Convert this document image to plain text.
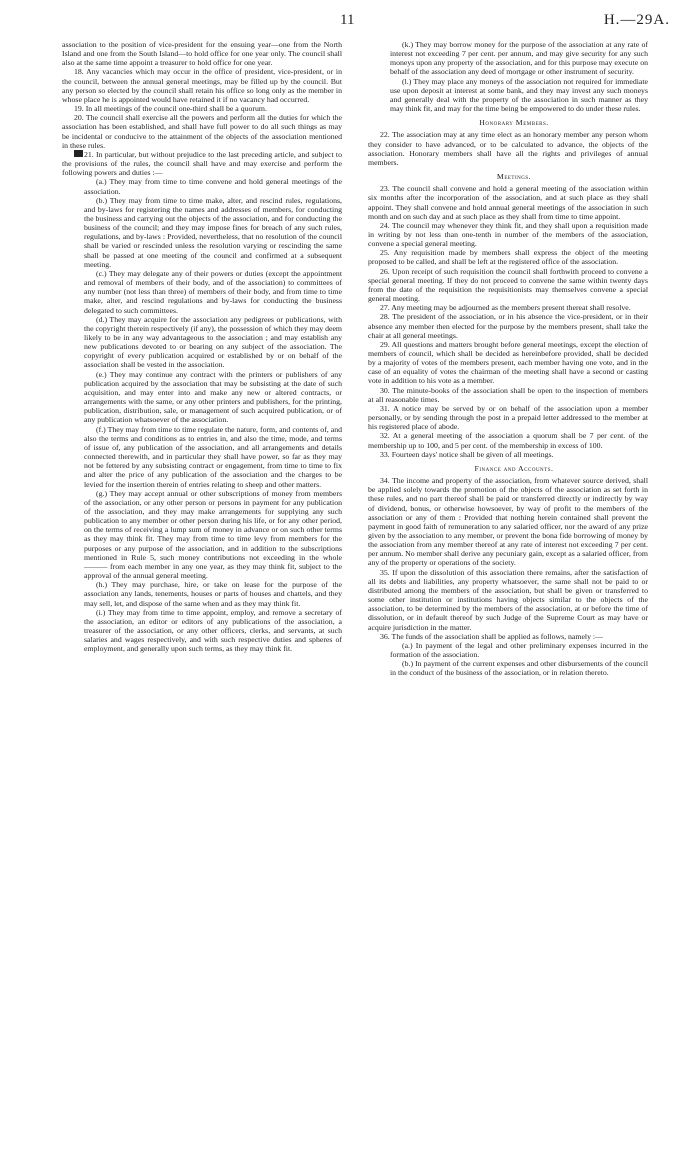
11	H.—29A.

association to the position of vice-president for the ensuing year—one from the North Island and one from the South Island—to hold office for one year only. The council shall also at the same time appoint a treasurer to hold office for one year.

18. Any vacancies which may occur in the office of president, vice-president, or in the council, between the annual general meetings, may be filled up by the council. But any person so elected by the council shall retain his office so long only as the member in whose place he is appointed would have retained it if no vacancy had occurred.

19. In all meetings of the council one-third shall be a quorum.

20. The council shall exercise all the powers and perform all the duties for which the association has been established, and shall have full power to do all such things as may be incidental or conducive to the attainment of the objects of the association mentioned in these rules.

21. In particular, but without prejudice to the last preceding article, and subject to the provisions of the rules, the council shall have and may exercise and perform the following powers and duties :—

(a.) They may from time to time convene and hold general meetings of the association.

(b.) They may from time to time make, alter, and rescind rules, regulations, and by-laws for registering the names and addresses of members, for conducting the business and carrying out the objects of the association, and for conducting the business of the council; and they may impose fines for breach of any such rules, regulations, and by-laws : Provided, nevertheless, that no resolution of the council shall be varied or rescinded unless the resolution varying or rescinding the same shall be passed at one meeting of the council and confirmed at a subsequent meeting.

(c.) They may delegate any of their powers or duties (except the appointment and removal of members of their body, and of the association) to committees of any number (not less than three) of members of their body, and from time to time make, alter, and rescind regulations and by-laws for conducting the business delegated to such committees.

(d.) They may acquire for the association any pedigrees or publications, with the copyright therein respectively (if any), the possession of which they may deem likely to be in any way advantageous to the association ; and may establish any new publications devoted to or bearing on any subject of the association. The copyright of every publication acquired or established by or on behalf of the association shall be vested in the association.

(e.) They may continue any contract with the printers or publishers of any publication acquired by the association that may be subsisting at the date of such acquisition, and may enter into and make any new or altered contracts, or arrangements with the same, or any other printers and publishers, for the printing, publication, distribution, sale, or management of such acquired publication, or of any publication whatsoever of the association.

(f.) They may from time to time regulate the nature, form, and contents of, and also the terms and conditions as to entries in, and also the time, mode, and terms of issue of, any publication of the association, and all arrangements and details connected therewith, and in particular they shall have power, so far as they may not be fettered by any subsisting contract or engagement, from time to time to fix and alter the price of any publication of the association and the charges to be levied for the insertion therein of entries relating to sheep and other matters.

(g.) They may accept annual or other subscriptions of money from members of the association, or any other person or persons in payment for any publication of the association, and they may make arrangements for supplying any such publication to any member or other person during his life, or for any other period, on the terms of receiving a lump sum of money in advance or on such other terms as they may think fit. They may from time to time levy from members for the purposes or any purpose of the association, and in addition to the subscriptions mentioned in Rule 5, such money contributions not exceeding in the whole ——— from each member in any one year, as they may think fit, subject to the approval of the annual general meeting.

(h.) They may purchase, hire, or take on lease for the purpose of the association any lands, tenements, houses or parts of houses and chattels, and they may sell, let, and dispose of the same when and as they may think fit.

(i.) They may from time to time appoint, employ, and remove a secretary of the association, an editor or editors of any publications of the association, a treasurer of the association, or any other officers, clerks, and servants, at such salaries and wages respectively, and with such respective duties and spheres of employment, and generally upon such terms, as they may think fit.

(k.) They may borrow money for the purpose of the association at any rate of interest not exceeding 7 per cent. per annum, and may give security for any such moneys upon any property of the association, and for this purpose may execute on behalf of the association any deed of mortgage or other instrument of security.

(l.) They may place any moneys of the association not required for immediate use upon deposit at interest at some bank, and they may invest any such moneys and generally deal with the property of the association in such manner as they may think fit, and may for the time being be empowered to do under these rules.

Honorary Members.

22. The association may at any time elect as an honorary member any person whom they consider to have advanced, or to be calculated to advance, the objects of the association. Honorary members shall have all the rights and privileges of annual members.

Meetings.

23. The council shall convene and hold a general meeting of the association within six months after the incorporation of the association, and at such place as they shall appoint. They shall convene and hold annual general meetings of the association in such month and on such day and at such place as they shall from time to time appoint.

24. The council may whenever they think fit, and they shall upon a requisition made in writing by not less than one-tenth in number of the members of the association, convene a special general meeting.

25. Any requisition made by members shall express the object of the meeting proposed to be called, and shall be left at the registered office of the association.

26. Upon receipt of such requisition the council shall forthwith proceed to convene a special general meeting. If they do not proceed to convene the same within twenty days from the date of the requisition the requisitionists may themselves convene a special general meeting.

27. Any meeting may be adjourned as the members present thereat shall resolve.

28. The president of the association, or in his absence the vice-president, or in their absence any member then elected for the purpose by the members present, shall take the chair at all general meetings.

29. All questions and matters brought before general meetings, except the election of members of council, which shall be decided as hereinbefore provided, shall be decided by a majority of votes of the members present, each member having one vote, and in the case of an equality of votes the chairman of the meeting shall have a second or casting vote in addition to his vote as a member.

30. The minute-books of the association shall be open to the inspection of members at all reasonable times.

31. A notice may be served by or on behalf of the association upon a member personally, or by sending through the post in a prepaid letter addressed to the member at his registered place of abode.

32. At a general meeting of the association a quorum shall be 7 per cent. of the membership up to 100, and 5 per cent. of the membership in excess of 100.

33. Fourteen days' notice shall be given of all meetings.

Finance and Accounts.

34. The income and property of the association, from whatever source derived, shall be applied solely towards the promotion of the objects of the association as set forth in these rules, and no part thereof shall be paid or transferred directly or indirectly by way of dividend, bonus, or otherwise howsoever, by way of profit to the members of the association or any of them : Provided that nothing herein contained shall prevent the payment in good faith of remuneration to any salaried officer, nor the award of any prize given by the association to any member, or prevent the bona fide borrowing of money by the association from any member thereof at any rate of interest not exceeding 7 per cent. per annum. No member shall derive any pecuniary gain, except as a salaried officer, from any of the property or operations of the society.

35. If upon the dissolution of this association there remains, after the satisfaction of all its debts and liabilities, any property whatsoever, the same shall not be paid to or distributed among the members of the association, but shall be given or transferred to some other institution or institutions having objects similar to the objects of the association, to be determined by the members of the association, at or before the time of dissolution, or in default thereof by such Judge of the Supreme Court as may have or acquire jurisdiction in the matter.

36. The funds of the association shall be applied as follows, namely :—

(a.) In payment of the legal and other preliminary expenses incurred in the formation of the association.

(b.) In payment of the current expenses and other disbursements of the council in the conduct of the business of the association, or in relation thereto.
